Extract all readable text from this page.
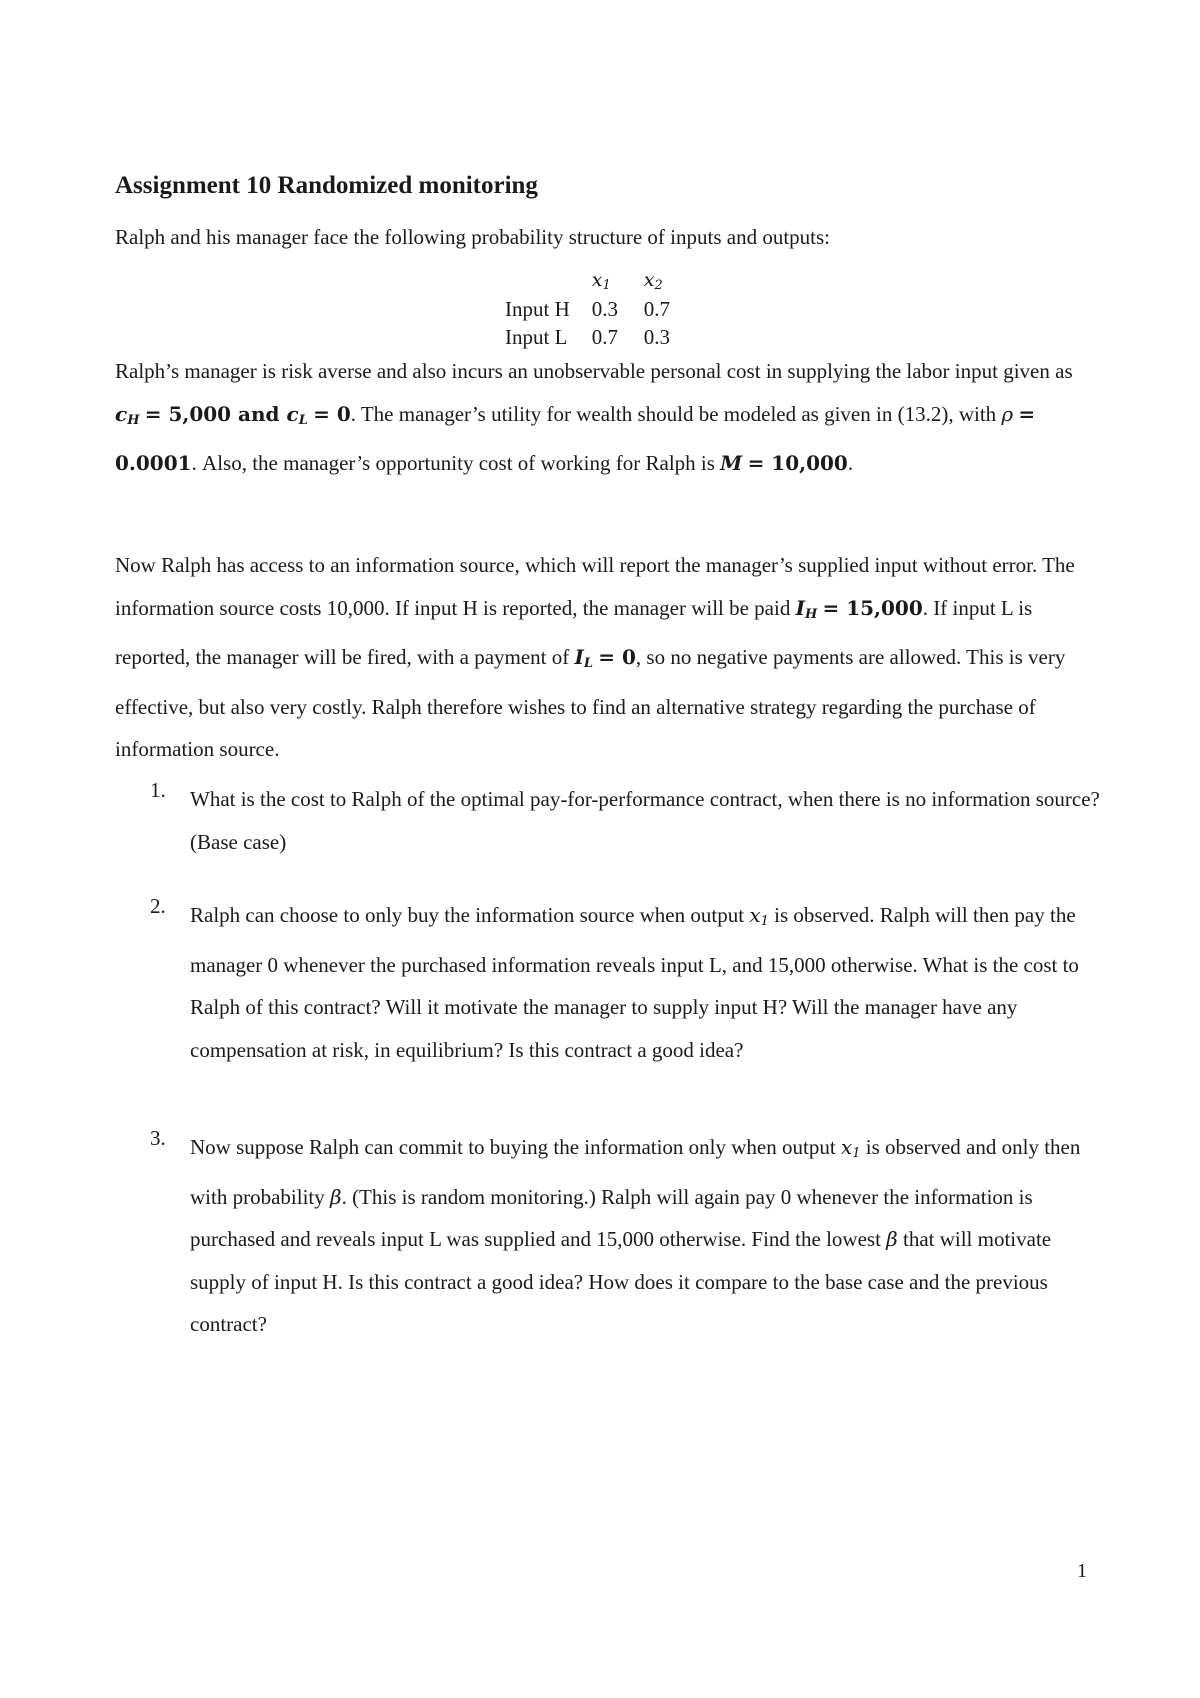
Assignment 10 Randomized monitoring

Ralph and his manager face the following probability structure of inputs and outputs:

	$x_1$	$x_2$
Input H	0.3	0.7
Input L	0.7	0.3

Ralph’s manager is risk averse and also incurs an unobservable personal cost in supplying the labor input given as $c_H = 5,000$ and $c_L = 0$. The manager’s utility for wealth should be modeled as given in (13.2), with ρ = 0.0001. Also, the manager’s opportunity cost of working for Ralph is M = 10,000.

Now Ralph has access to an information source, which will report the manager’s supplied input without error. The information source costs 10,000. If input H is reported, the manager will be paid $I_H = 15,000$. If input L is reported, the manager will be fired, with a payment of $I_L = 0$, so no negative payments are allowed. This is very effective, but also very costly. Ralph therefore wishes to find an alternative strategy regarding the purchase of information source.

1.	What is the cost to Ralph of the optimal pay-for-performance contract, when there is no information source? (Base case)

2.	Ralph can choose to only buy the information source when output $x_1$ is observed. Ralph will then pay the manager 0 whenever the purchased information reveals input L, and 15,000 otherwise. What is the cost to Ralph of this contract? Will it motivate the manager to supply input H? Will the manager have any compensation at risk, in equilibrium? Is this contract a good idea?

3.	Now suppose Ralph can commit to buying the information only when output $x_1$ is observed and only then with probability β. (This is random monitoring.) Ralph will again pay 0 whenever the information is purchased and reveals input L was supplied and 15,000 otherwise. Find the lowest β that will motivate supply of input H. Is this contract a good idea? How does it compare to the base case and the previous contract?

1
